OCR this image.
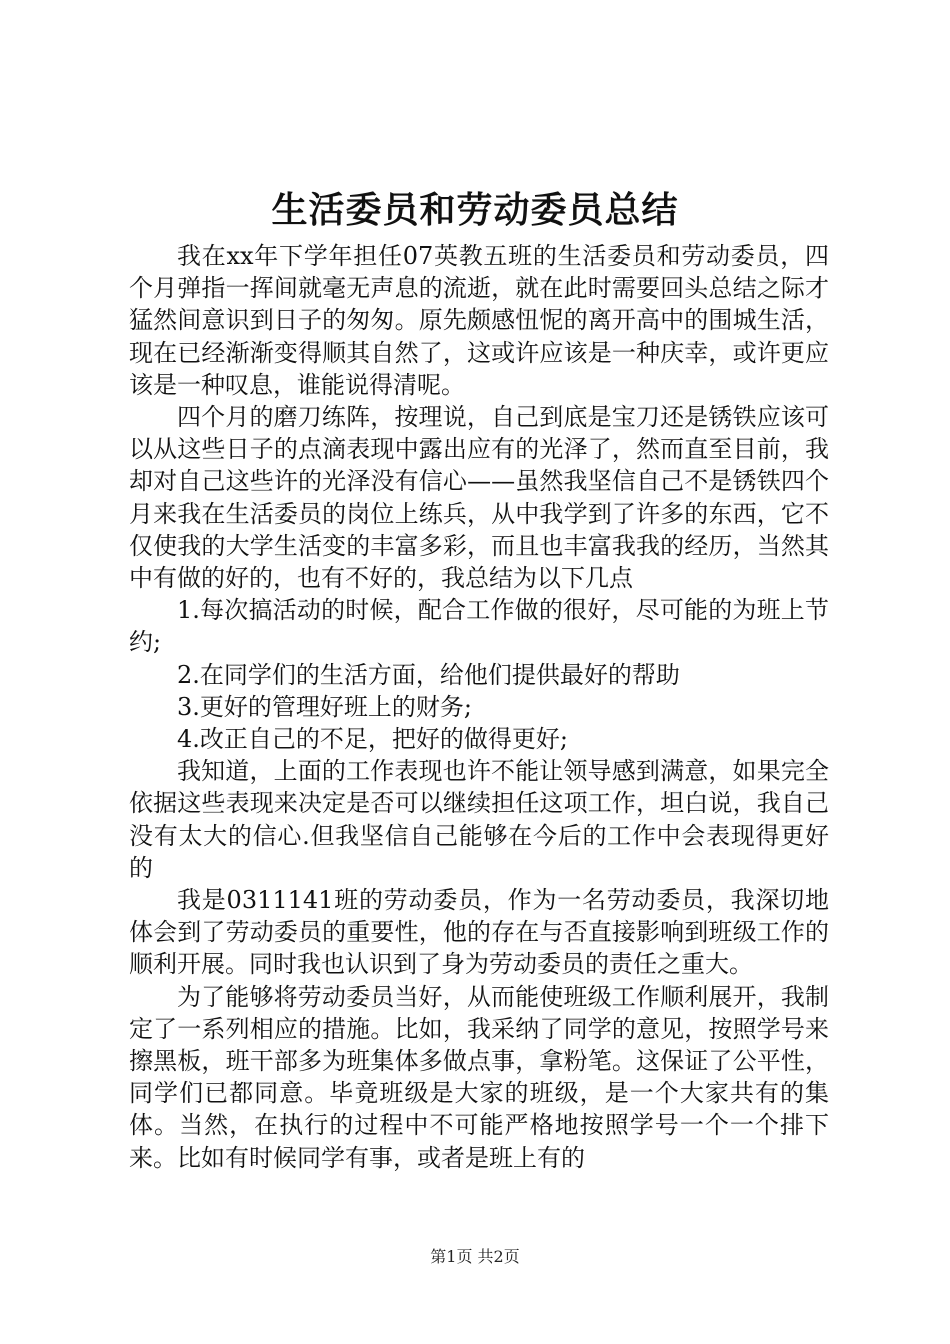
生活委员和劳动委员总结

我在xx年下学年担任07英教五班的生活委员和劳动委员，四个月弹指一挥间就毫无声息的流逝，就在此时需要回头总结之际才猛然间意识到日子的匆匆。原先颇感忸怩的离开高中的围城生活，现在已经渐渐变得顺其自然了，这或许应该是一种庆幸，或许更应该是一种叹息，谁能说得清呢。

四个月的磨刀练阵，按理说，自己到底是宝刀还是锈铁应该可以从这些日子的点滴表现中露出应有的光泽了，然而直至目前，我却对自己这些许的光泽没有信心——虽然我坚信自己不是锈铁四个月来我在生活委员的岗位上练兵，从中我学到了许多的东西，它不仅使我的大学生活变的丰富多彩，而且也丰富我我的经历，当然其中有做的好的，也有不好的，我总结为以下几点

1.每次搞活动的时候，配合工作做的很好，尽可能的为班上节约;

2.在同学们的生活方面，给他们提供最好的帮助

3.更好的管理好班上的财务;

4.改正自己的不足，把好的做得更好;

我知道，上面的工作表现也许不能让领导感到满意，如果完全依据这些表现来决定是否可以继续担任这项工作，坦白说，我自己没有太大的信心.但我坚信自己能够在今后的工作中会表现得更好的

我是0311141班的劳动委员，作为一名劳动委员，我深切地体会到了劳动委员的重要性，他的存在与否直接影响到班级工作的顺利开展。同时我也认识到了身为劳动委员的责任之重大。

为了能够将劳动委员当好，从而能使班级工作顺利展开，我制定了一系列相应的措施。比如，我采纳了同学的意见，按照学号来擦黑板，班干部多为班集体多做点事，拿粉笔。这保证了公平性，同学们已都同意。毕竟班级是大家的班级，是一个大家共有的集体。当然，在执行的过程中不可能严格地按照学号一个一个排下来。比如有时候同学有事，或者是班上有的

第1页 共2页
